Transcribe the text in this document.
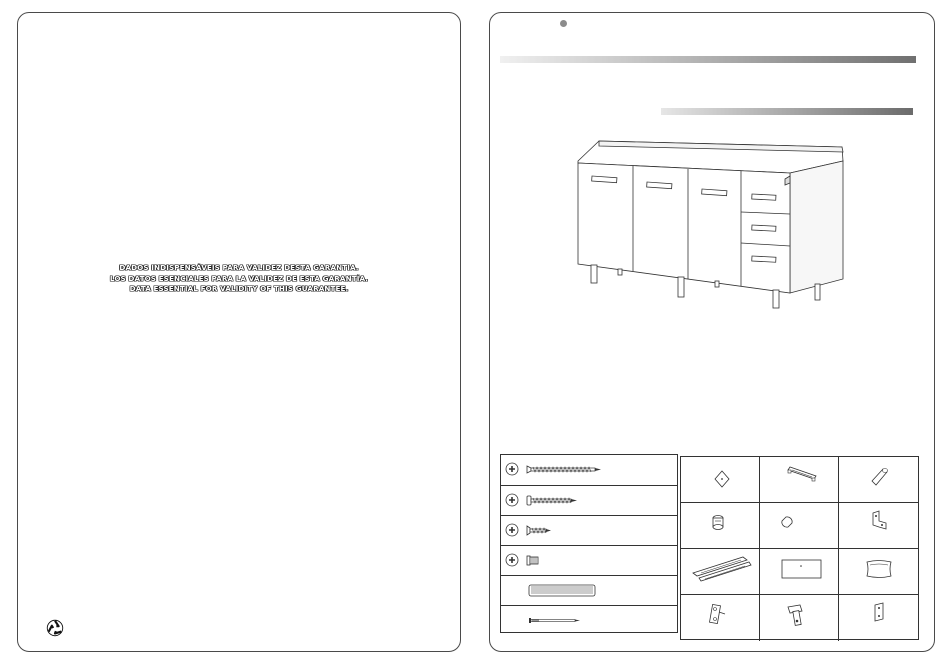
DADOS INDISPENSÁVEIS PARA VALIDEZ DESTA GARANTIA.
LOS DATOS ESENCIALES PARA LA VALIDEZ DE ESTA GARANTÍA.
DATA ESSENTIAL FOR VALIDITY OF THIS GUARANTEE.
